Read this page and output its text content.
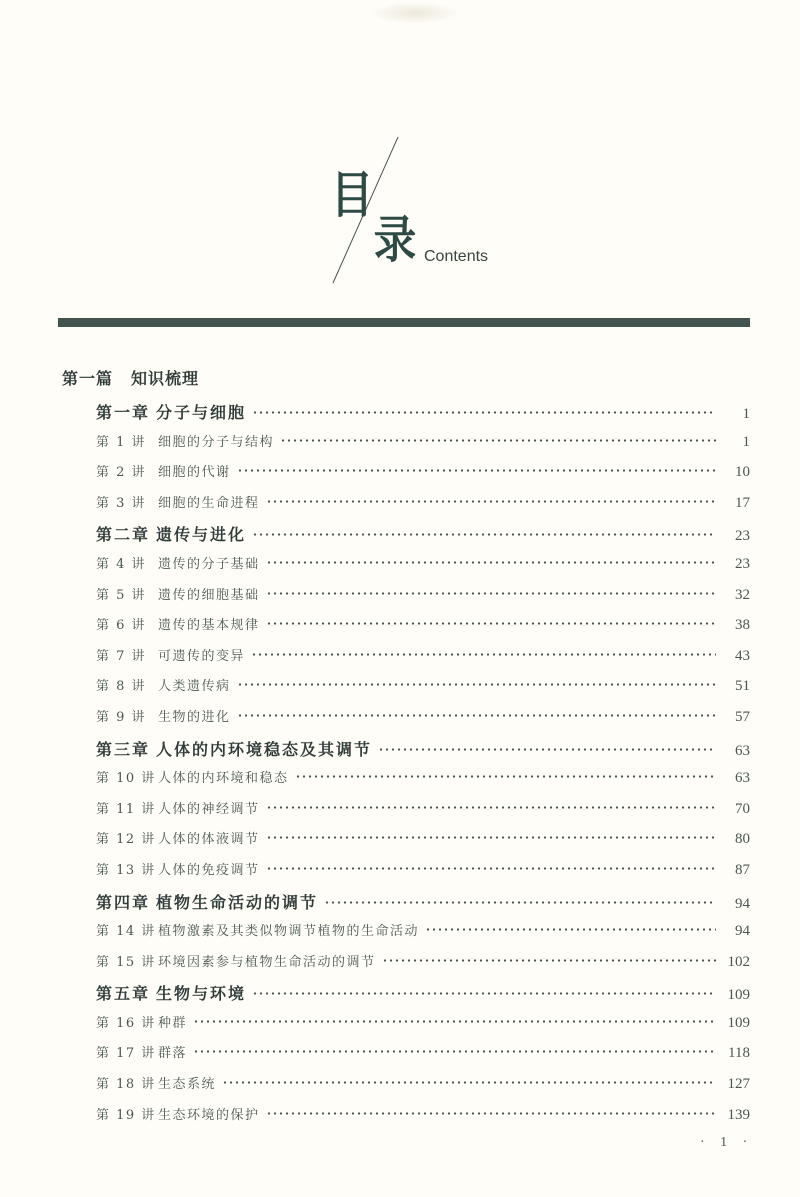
目
录 Contents
第一篇 知识梳理
第一章 分子与细胞	1
第 1 讲 细胞的分子与结构	1
第 2 讲 细胞的代谢	10
第 3 讲 细胞的生命进程	17
第二章 遗传与进化	23
第 4 讲 遗传的分子基础	23
第 5 讲 遗传的细胞基础	32
第 6 讲 遗传的基本规律	38
第 7 讲 可遗传的变异	43
第 8 讲 人类遗传病	51
第 9 讲 生物的进化	57
第三章 人体的内环境稳态及其调节	63
第 10 讲 人体的内环境和稳态	63
第 11 讲 人体的神经调节	70
第 12 讲 人体的体液调节	80
第 13 讲 人体的免疫调节	87
第四章 植物生命活动的调节	94
第 14 讲 植物激素及其类似物调节植物的生命活动	94
第 15 讲 环境因素参与植物生命活动的调节	102
第五章 生物与环境	109
第 16 讲 种群	109
第 17 讲 群落	118
第 18 讲 生态系统	127
第 19 讲 生态环境的保护	139
· 1 ·
